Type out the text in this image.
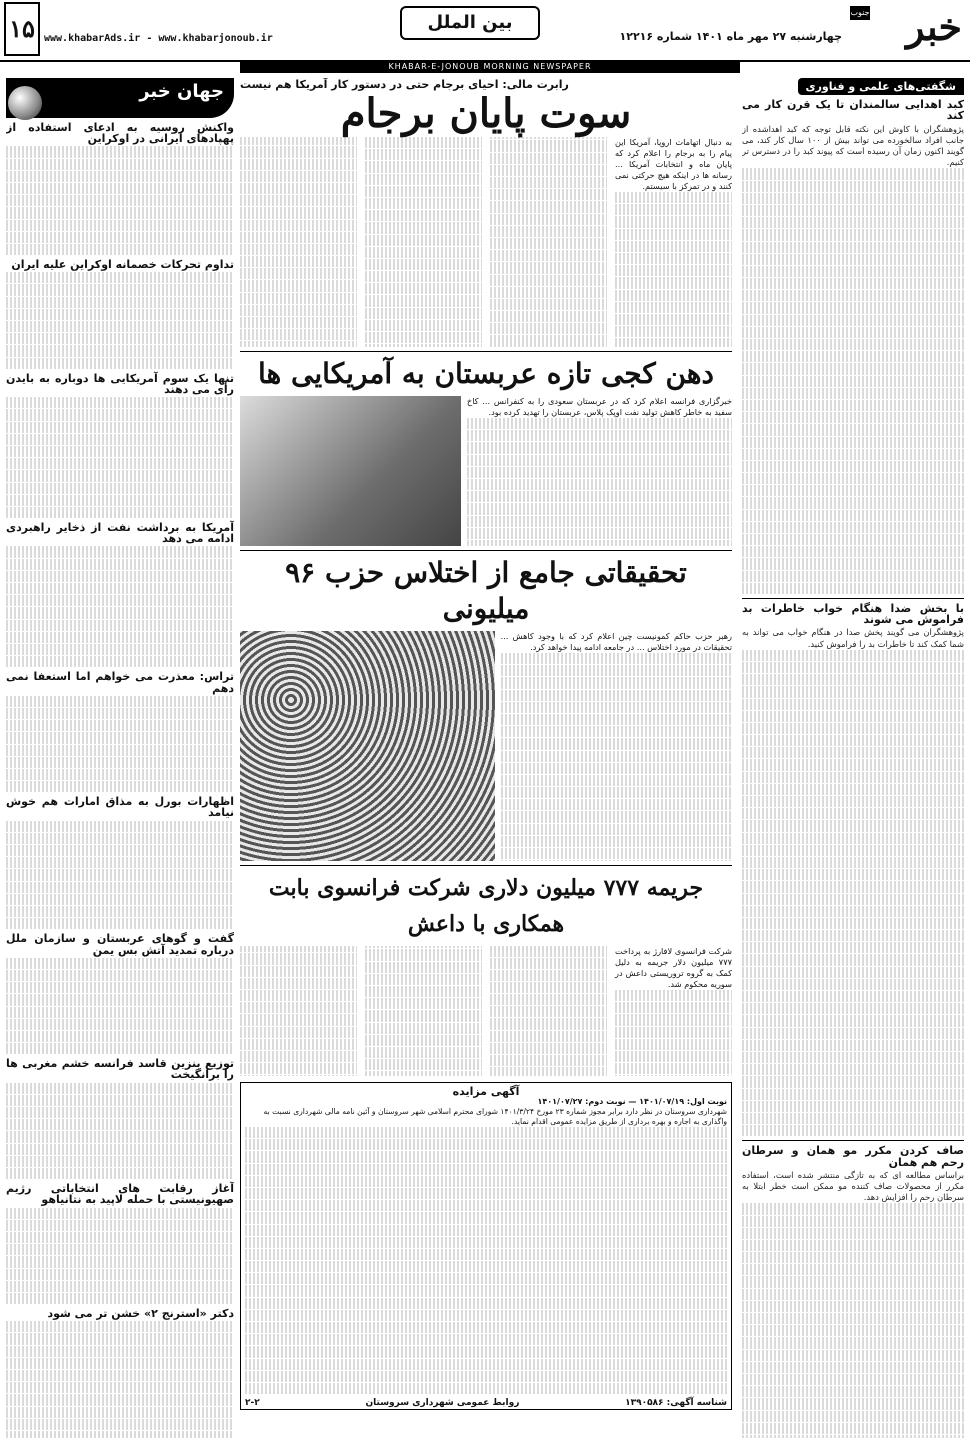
خبر
جنوب
چهارشنبه ۲۷ مهر ماه ۱۴۰۱ شماره ۱۲۲۱۶
بین الملل
www.khabarAds.ir - www.khabarjonoub.ir
۱۵
KHABAR-E-JONOUB MORNING NEWSPAPER
شگفتی‌های علمی و فناوری
کبد اهدایی سالمندان تا یک قرن کار می کند
پژوهشگران با کاوش این نکته قابل توجه که کبد اهداشده از جانب افراد سالخورده می تواند بیش از ۱۰۰ سال کار کند، می گویند اکنون زمان آن رسیده است که پیوند کبد را در دسترس تر کنیم.
با بخش ضدا هنگام خواب خاطرات بد فراموش می شوند
پژوهشگران می گویند پخش صدا در هنگام خواب می تواند به شما کمک کند تا خاطرات بد را فراموش کنید.
صاف کردن مکرر مو همان و سرطان رحم هم همان
براساس مطالعه ای که به تازگی منتشر شده است، استفاده مکرر از محصولات صاف کننده مو ممکن است خطر ابتلا به سرطان رحم را افزایش دهد.
رابرت مالی: احیای برجام حتی در دستور کار آمریکا هم نیست
سوت پایان برجام
به دنبال اتهامات اروپا، آمریکا این پیام را به برجام را اعلام کرد که پایان ماه و انتخابات آمریکا ... رسانه ها در اینکه هیچ حرکتی نمی کنند و در تمرکز با سیستم.
دهن کجی تازه عربستان به آمریکایی ها
خبرگزاری فرانسه اعلام کرد که در عربستان سعودی را به کنفرانس ... کاخ سفید به خاطر کاهش تولید نفت اوپک پلاس، عربستان را تهدید کرده بود.
تحقیقاتی جامع از اختلاس حزب ۹۶ میلیونی
رهبر حزب حاکم کمونیست چین اعلام کرد که با وجود کاهش ... تحقیقات در مورد اختلاس ... در جامعه ادامه پیدا خواهد کرد.
جریمه ۷۷۷ میلیون دلاری شرکت فرانسوی بابت همکاری با داعش
شرکت فرانسوی لافارژ به پرداخت ۷۷۷ میلیون دلار جریمه به دلیل کمک به گروه تروریستی داعش در سوریه محکوم شد.
آگهی مزایده
نوبت اول: ۱۴۰۱/۰۷/۱۹ — نوبت دوم: ۱۴۰۱/۰۷/۲۷
شهرداری سروستان در نظر دارد برابر مجوز شماره ۲۳ مورخ ۱۴۰۱/۳/۲۴ شورای محترم اسلامی شهر سروستان و آئین نامه مالی شهرداری نسبت به واگذاری به اجاره و بهره برداری از طریق مزایده عمومی اقدام نماید.
شناسه آگهی: ۱۳۹۰۵۸۶
روابط عمومی شهرداری سروستان
۲-۲
جهان خبر
واکنش روسیه به ادعای استفاده از پهپادهای ایرانی در اوکراین
تداوم تحرکات خصمانه اوکراین علیه ایران
تنها یک سوم آمریکایی ها دوباره به بایدن رأی می دهند
آمریکا به برداشت نفت از ذخایر راهبردی ادامه می دهد
تراس: معذرت می خواهم اما استعفا نمی دهم
اظهارات بورل به مذاق امارات هم خوش نیامد
گفت و گوهای عربستان و سازمان ملل درباره تمدید آتش بس یمن
توزیع بنزین قاسد فرانسه خشم مغربی ها را برانگیخت
آغاز رقابت های انتخاباتی رژیم صهیونیستی با حمله لاپید به نتانیاهو
دکتر «استرنج ۲» خشن تر می شود
